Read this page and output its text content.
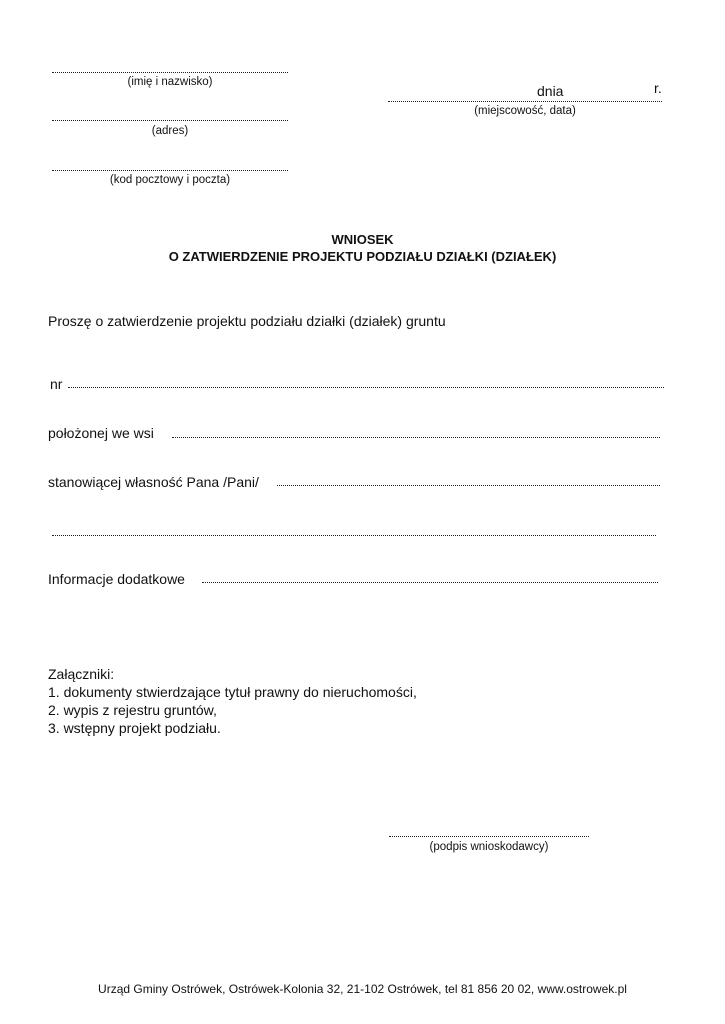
(imię i nazwisko)
(adres)
(kod pocztowy i poczta)
dnia	r.
(miejscowość, data)
WNIOSEK
O ZATWIERDZENIE PROJEKTU PODZIAŁU DZIAŁKI (DZIAŁEK)
Proszę o zatwierdzenie projektu podziału działki (działek) gruntu
nr
położonej we wsi
stanowiącej własność Pana /Pani/
Informacje dodatkowe
Załączniki:
1. dokumenty stwierdzające tytuł prawny do nieruchomości,
2. wypis z rejestru gruntów,
3. wstępny projekt podziału.
(podpis wnioskodawcy)
Urząd Gminy Ostrówek, Ostrówek-Kolonia 32, 21-102 Ostrówek, tel 81 856 20 02, www.ostrowek.pl
